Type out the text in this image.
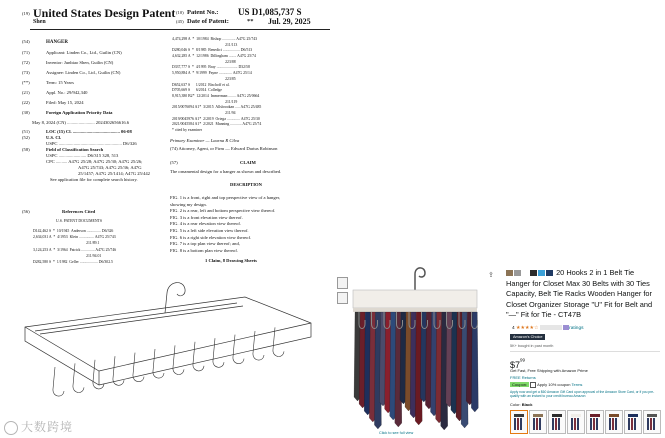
(19) United States Design Patent
Shen
(10) Patent No.: US D1,085,737 S
(45) Date of Patent:	** Jul. 29, 2025
(54)	HANGER
(71)	Applicant: Linden Co., Ltd., Guilin (CN)
(72)	Inventor: Junbiao Shen, Guilin (CN)
(73)	Assignee: Linden Co., Ltd., Guilin (CN)
(**)	Term: 15 Years
(21)	Appl. No.: 29/942,340
(22)	Filed: May 15, 2024
(30)	Foreign Application Priority Data
May 8, 2024 (CN) ........................ 2024302656616.6
(51)	LOC (15) Cl. ......................................... 06-08
(52)	U.S. Cl.
USPC ....................................................... D6/326
(58)	Field of Classification Search
USPC ........................ D6/315 328, 513
CPC .......... A47G 25/28; A47G 25/30; A47G 25/26;
A47G 25/743; A47G 25/36; A47G
25/1457; A47G 25/1414; A47G 25/442
See application file for complete search history.
(56)	References Cited
U.S. PATENT DOCUMENTS
D142,462 S  *  10/1945  Anderson ............... D6/326
2,634,031 A  *  4/1953  Klein ................ A47G 25/743
211/89.1
3,124,253 A  *  3/1964  Patrick .............. A47G 25/746
211/94.01
D282,580 S  *  1/1982  Geller ................... D6/302.5
4,474,298 A  *  10/1984  Bishop .............. A47G 25/743
211/113
D280,046 S  *  8/1985  Benedict .................. D6/513
4,632,285 A  *  12/1986  Dillingham ........ A47G 25/74
223/88
D337,777 S  *  4/1995  Bray ...................... D32/58
5,950,884 A  *  9/1999  Payne .............. A47G 25/14
223/85
D652,637 S      1/2012  Bischoff et al.
D705,669 S      6/2014  Colledge
8,915,380 B2*  12/2014  Immerman ........ A47G 25/0664
211/119
2015/0076094 A1*  3/2015  Allsbrookan ..... A47G 25/485
211/94
2019/0045976 A1*  2/2019  Ortega .............. A47G 25/30
2021/0045584 A1*  2/2021  Manning ............ A47G 25/74
* cited by examiner
Primary Examiner — Laurna R Cilva
(74) Attorney, Agent, or Firm — Edward Darius Robinson
(57)	CLAIM
The ornamental design for a hanger as shown and described.
DESCRIPTION
FIG. 1 is a front, right and top perspective view of a hanger,
showing my design.
FIG. 2 is a rear, left and bottom perspective view thereof.
FIG. 3 is a front elevation view thereof.
FIG. 4 is a rear elevation view thereof.
FIG. 5 is a left side elevation view thereof.
FIG. 6 is a right side elevation view thereof.
FIG. 7 is a top plan view thereof; and,
FIG. 8 is a bottom plan view thereof.
1 Claim, 8 Drawing Sheets
大数跨境	Click to see full view
⇪	20 Hooks 2 in 1 Belt Tie Hanger for Closet Max 30 Belts with 30 Ties Capacity, Belt Tie Racks Wooden Hanger for Closet Organizer Storage "U" Fit for Belt and "—" Fit for Tie - CT47B
4 ★★★★☆	ratings
Amazon's Choice
5K+ bought in past month
$\$7^{99}$
Get Fast, Free Shipping with Amazon Prime
FREE Returns
Coupon:	Apply 10% coupon Terms
Apply now and get a $60 Amazon Gift Card upon approval of the Amazon Store Card, or if you pre-qualify with an instant to your credit bureau Amazon
Color: Black
